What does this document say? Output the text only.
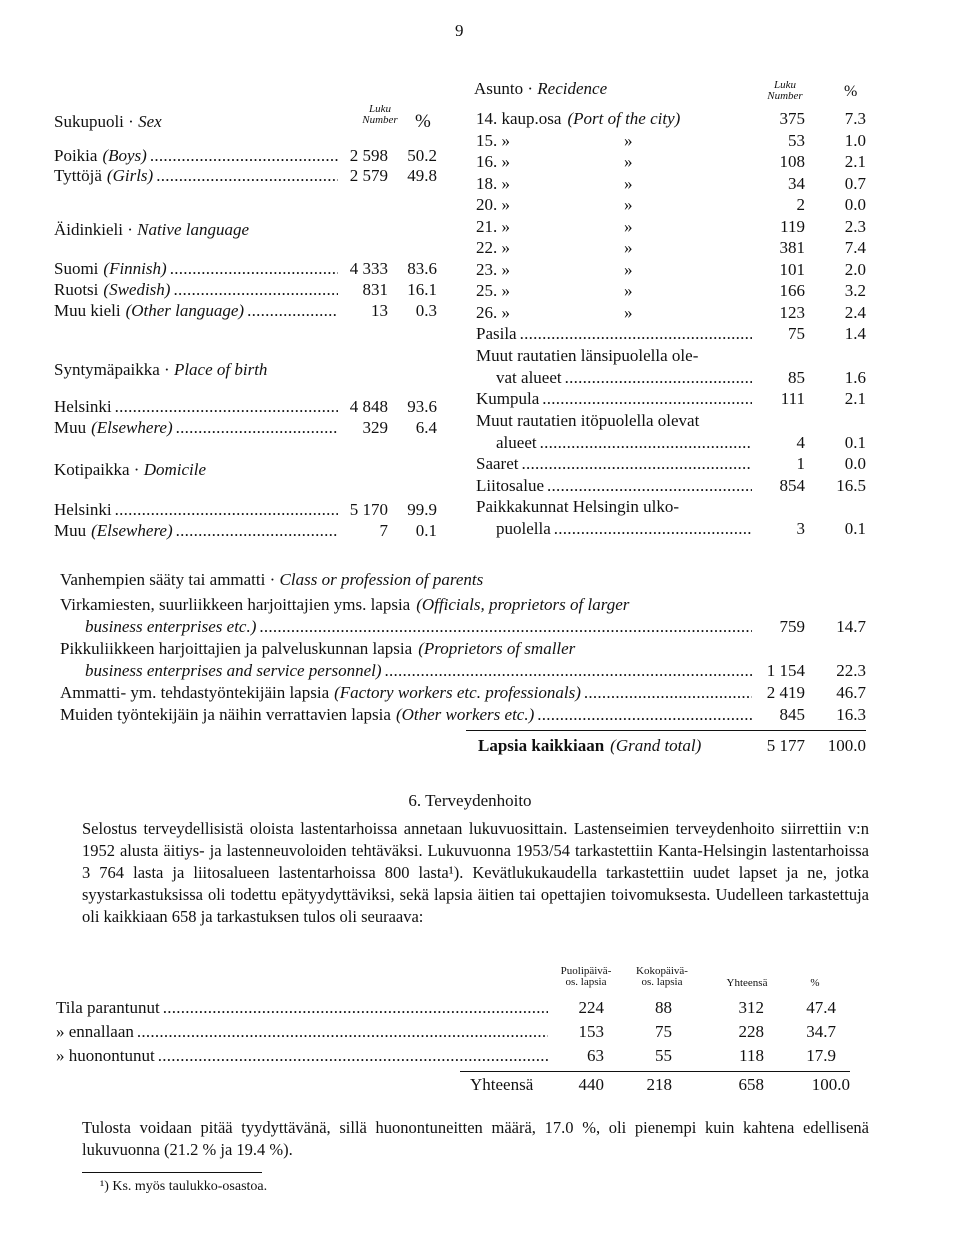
9
Sukupuoli · Sex
Luku
Number %
Poikia (Boys) . . .	2 598 50.2
Tyttöjä (Girls) . . .	2 579 49.8
Äidinkieli · Native language
Suomi (Finnish) . . .	4 333 83.6
Ruotsi (Swedish) . . .	831 16.1
Muu kieli (Other language) . . .	13 0.3
Syntymäpaikka · Place of birth
Helsinki . . .	4 848 93.6
Muu (Elsewhere) . . .	329 6.4
Kotipaikka · Domicile
Helsinki . . .	5 170 99.9
Muu (Elsewhere) . . .	7 0.1
Asunto · Recidence	Luku
Number	%
14. kaup.osa (Port of the city)	375 7.3
15. »	»	53 1.0
16. »	»	108 2.1
18. »	»	34 0.7
20. »	»	2 0.0
21. »	»	119 2.3
22. »	»	381 7.4
23. »	»	101 2.0
25. »	»	166 3.2
26. »	»	123 2.4
Pasila . . .	75 1.4
Muut rautatien länsipuolella ole-
vat alueet . . .	85 1.6
Kumpula . . .	111 2.1
Muut rautatien itöpuolella olevat
alueet . . .	4 0.1
Saaret . . .	1 0.0
Liitosalue . . .	854 16.5
Paikkakunnat Helsingin ulko-
puolella . . .	3 0.1
Vanhempien sääty tai ammatti · Class or profession of parents
Virkamiesten, suurliikkeen harjoittajien yms. lapsia (Officials, proprietors of larger
business enterprises etc.) . . .	759 14.7
Pikkuliikkeen harjoittajien ja palveluskunnan lapsia (Proprietors of smaller
business enterprises and service personnel) . . .	1 154 22.3
Ammatti- ym. tehdastyöntekijäin lapsia (Factory workers etc. professionals) . . .	2 419 46.7
Muiden työntekijäin ja näihin verrattavien lapsia (Other workers etc.) . . .	845 16.3
Lapsia kaikkiaan (Grand total)	5 177 100.0
6. Terveydenhoito
Selostus terveydellisistä oloista lastentarhoissa annetaan lukuvuosittain. Lastenseimien terveydenhoito siirrettiin v:n 1952 alusta äitiys- ja lastenneuvoloiden tehtäväksi. Lukuvuonna 1953/54 tarkastettiin Kanta-Helsingin lastentarhoissa 3 764 lasta ja liitosalueen lastentarhoissa 800 lasta¹). Kevätlukukaudella tarkastettiin uudet lapset ja ne, jotka syystarkastuksissa oli todettu epätyydyttäviksi, sekä lapsia äitien tai opettajien toivomuksesta. Uudelleen tarkastettuja oli kaikkiaan 658 ja tarkastuksen tulos oli seuraava:
Puolipäivä-
os. lapsia
Kokopäivä-
os. lapsia	Yhteensä	%
Tila parantunut . . .	224	88	312 47.4
» ennallaan . . .	153	75	228 34.7
» huonontunut . . .	63	55	118 17.9
Yhteensä	440	218	658	100.0
Tulosta voidaan pitää tyydyttävänä, sillä huonontuneitten määrä, 17.0 %, oli pienempi kuin kahtena edellisenä lukuvuonna (21.2 % ja 19.4 %).
¹) Ks. myös taulukko-osastoa.
